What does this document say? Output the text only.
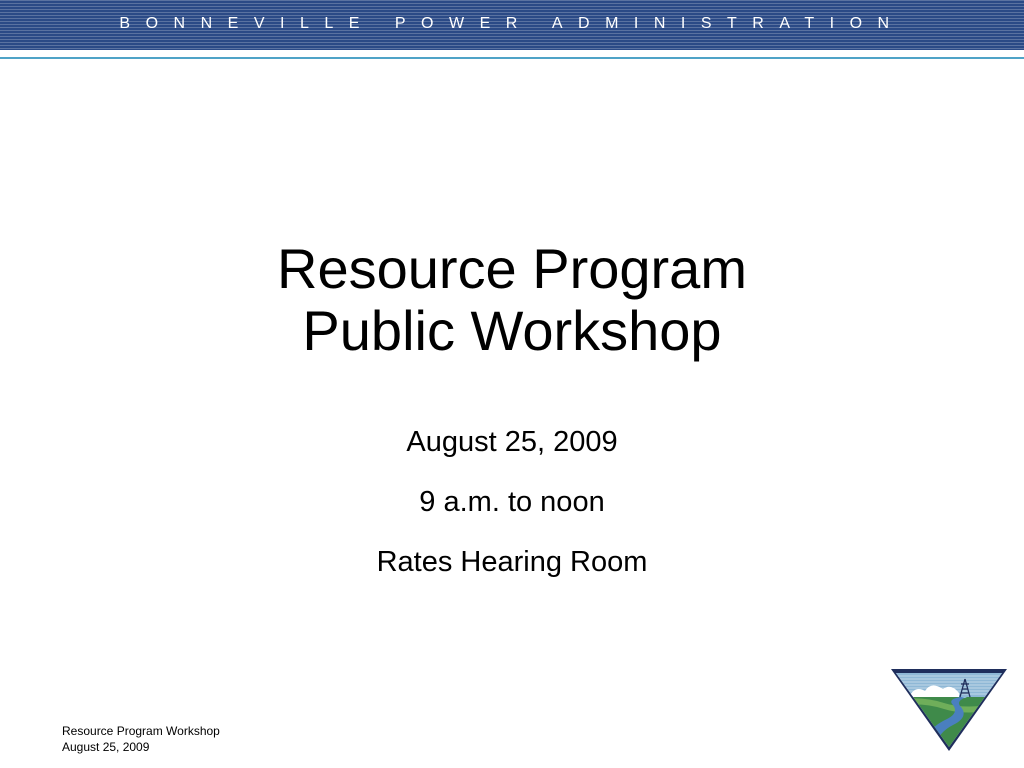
BONNEVILLE POWER ADMINISTRATION
Resource Program
Public Workshop
August 25, 2009
9 a.m. to noon
Rates Hearing Room
Resource Program Workshop
August 25, 2009
